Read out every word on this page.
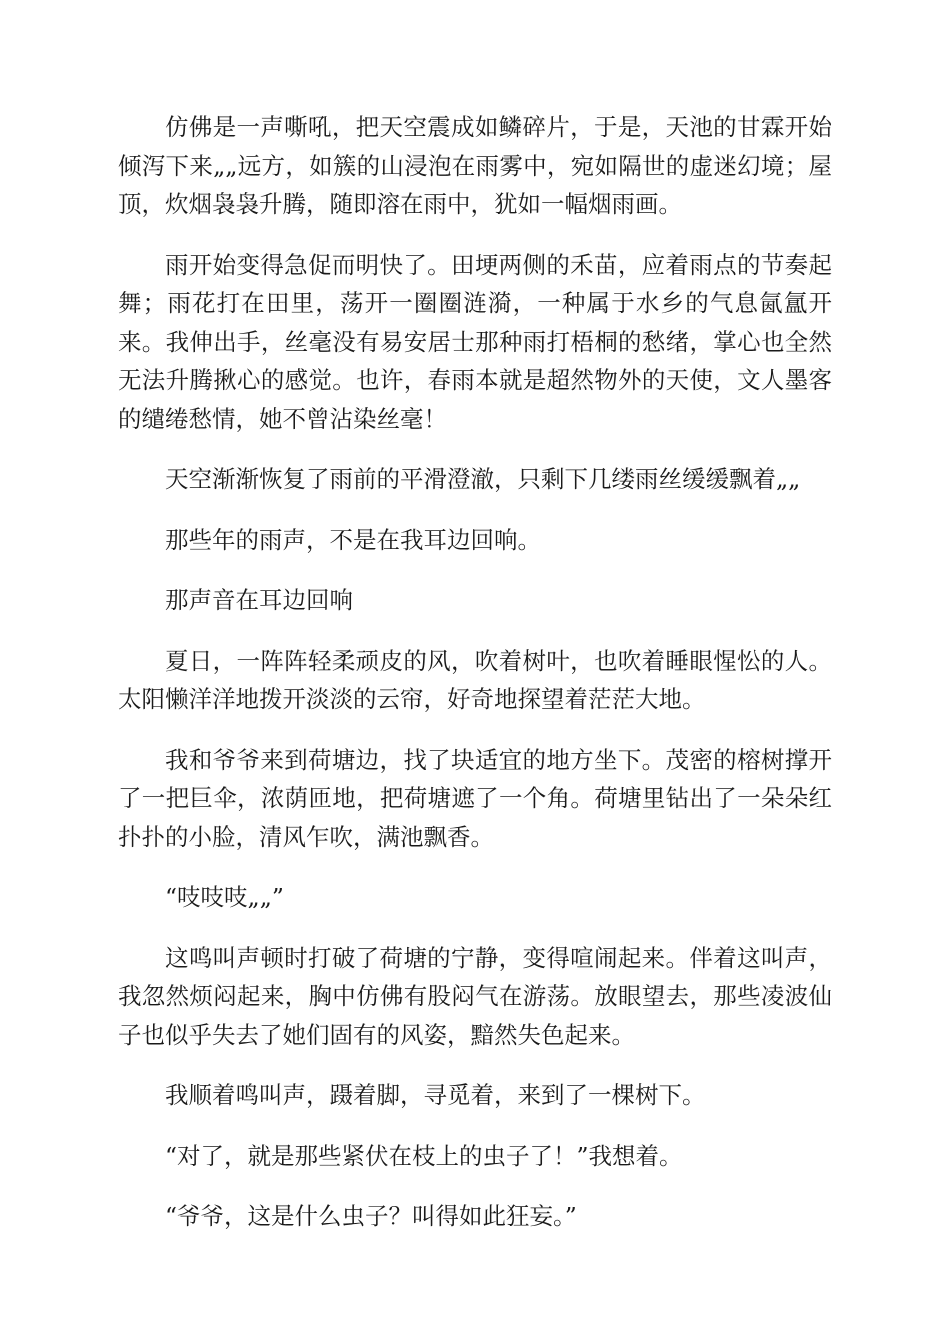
仿佛是一声嘶吼，把天空震成如鳞碎片，于是，天池的甘霖开始倾泻下来„„远方，如簇的山浸泡在雨雾中，宛如隔世的虚迷幻境；屋顶，炊烟袅袅升腾，随即溶在雨中，犹如一幅烟雨画。

雨开始变得急促而明快了。田埂两侧的禾苗，应着雨点的节奏起舞；雨花打在田里，荡开一圈圈涟漪，一种属于水乡的气息氤氲开来。我伸出手，丝毫没有易安居士那种雨打梧桐的愁绪，掌心也全然无法升腾揪心的感觉。也许，春雨本就是超然物外的天使，文人墨客的缱绻愁情，她不曾沾染丝毫！

天空渐渐恢复了雨前的平滑澄澈，只剩下几缕雨丝缓缓飘着„„

那些年的雨声，不是在我耳边回响。

那声音在耳边回响

夏日，一阵阵轻柔顽皮的风，吹着树叶，也吹着睡眼惺忪的人。太阳懒洋洋地拨开淡淡的云帘，好奇地探望着茫茫大地。

我和爷爷来到荷塘边，找了块适宜的地方坐下。茂密的榕树撑开了一把巨伞，浓荫匝地，把荷塘遮了一个角。荷塘里钻出了一朵朵红扑扑的小脸，清风乍吹，满池飘香。

“吱吱吱„„”

这鸣叫声顿时打破了荷塘的宁静，变得喧闹起来。伴着这叫声，我忽然烦闷起来，胸中仿佛有股闷气在游荡。放眼望去，那些凌波仙子也似乎失去了她们固有的风姿，黯然失色起来。

我顺着鸣叫声，蹑着脚，寻觅着，来到了一棵树下。

“对了，就是那些紧伏在枝上的虫子了！”我想着。

“爷爷，这是什么虫子？叫得如此狂妄。”
